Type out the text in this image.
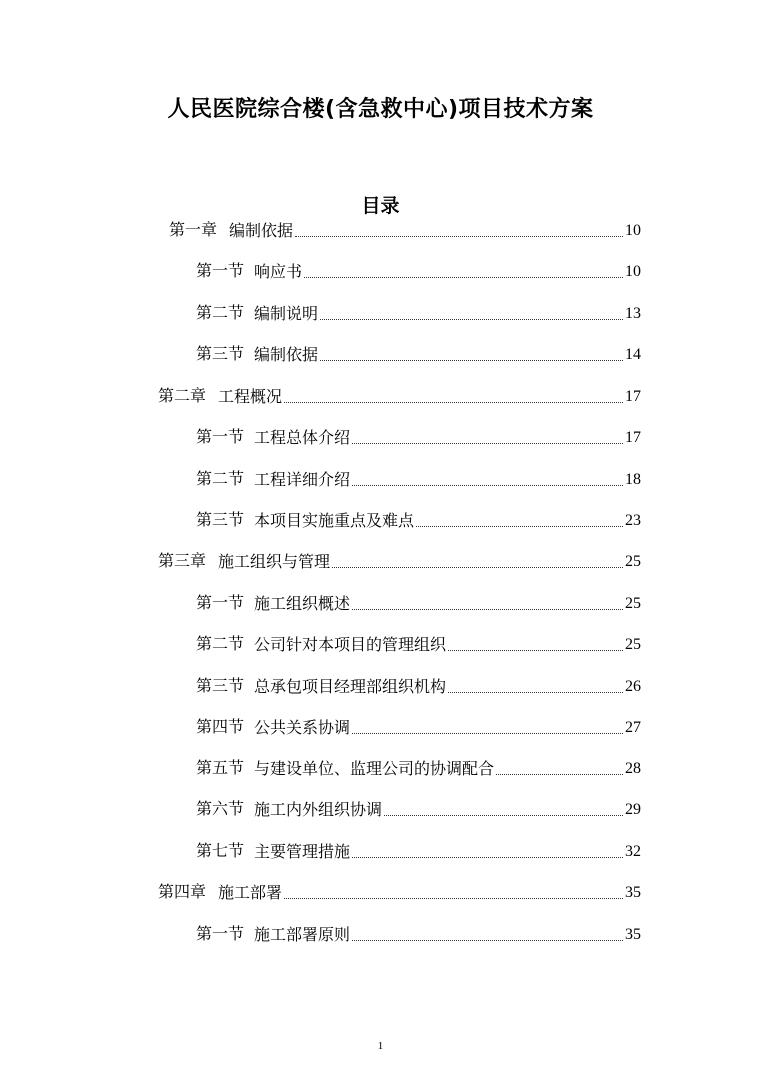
人民医院综合楼(含急救中心)项目技术方案
目录
第一章 编制依据	10
第一节 响应书	10
第二节 编制说明	13
第三节 编制依据	14
第二章 工程概况	17
第一节 工程总体介绍	17
第二节 工程详细介绍	18
第三节 本项目实施重点及难点	23
第三章 施工组织与管理	25
第一节 施工组织概述	25
第二节 公司针对本项目的管理组织	25
第三节 总承包项目经理部组织机构	26
第四节 公共关系协调	27
第五节 与建设单位、监理公司的协调配合	28
第六节 施工内外组织协调	29
第七节 主要管理措施	32
第四章 施工部署	35
第一节 施工部署原则	35
1
